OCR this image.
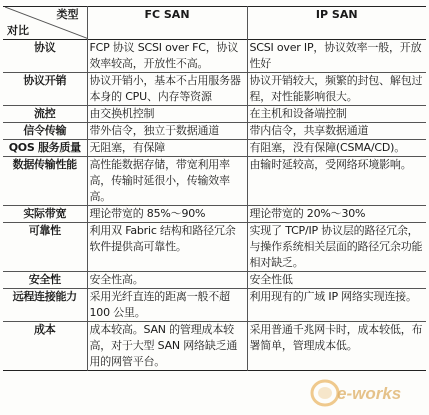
类型
对比	FC SAN	IP SAN
协议	FCP 协议 SCSI over FC，协议效率较高，开放性不高。	SCSI over IP，协议效率一般，开放性好
协议开销	协议开销小，基本不占用服务器本身的 CPU、内存等资源	协议开销较大，频繁的封包、解包过程，对性能影响很大。
流控	由交换机控制	在主机和设备端控制
信令传输	带外信令，独立于数据通道	带内信令，共享数据通道
QOS 服务质量	无阻塞，有保障	有阻塞，没有保障(CSMA/CD)。
数据传输性能	高性能数据存储，带宽利用率高，传输时延很小，传输效率高。	由输时延较高，受网络环境影响。
实际带宽	理论带宽的 85%～90%	理论带宽的 20%～30%
可靠性	利用双 Fabric 结构和路径冗余软件提供高可靠性。	实现了 TCP/IP 协议层的路径冗余，与操作系统相关层面的路径冗余功能相对缺乏。
安全性	安全性高。	安全性低
远程连接能力	采用光纤直连的距离一般不超 100 公里。	利用现有的广域 IP 网络实现连接。
成本	成本较高。SAN 的管理成本较高，对于大型 SAN 网络缺乏通用的网管平台。	采用普通千兆网卡时，成本较低，布署简单，管理成本低。
e-works
